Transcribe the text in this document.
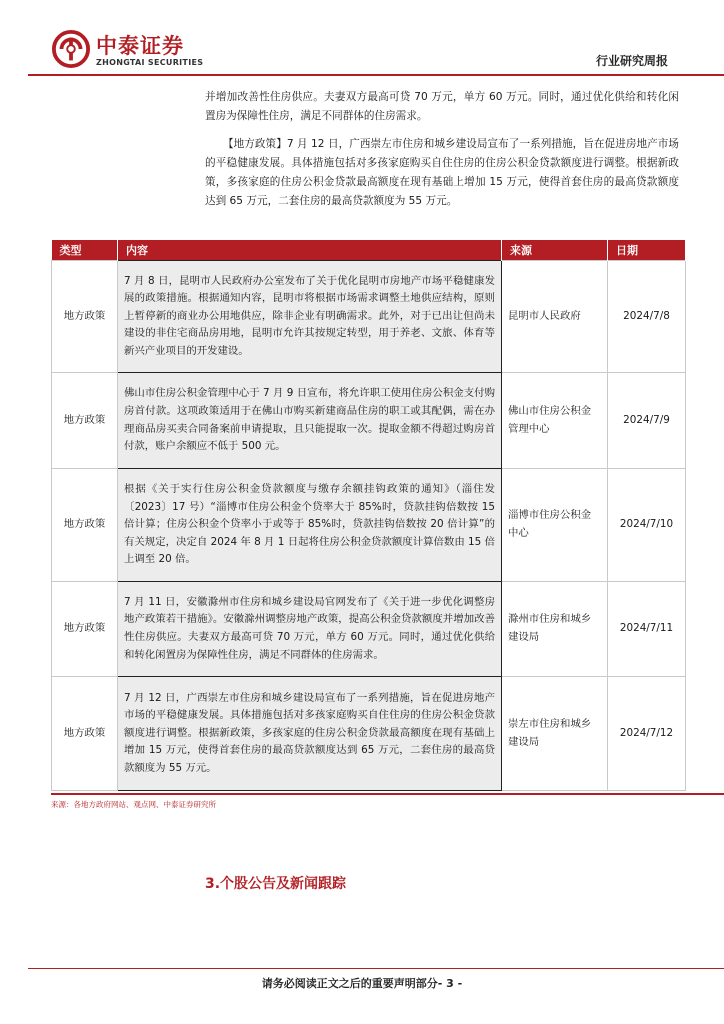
中泰证券
ZHONGTAI SECURITIES	行业研究周报
并增加改善性住房供应。夫妻双方最高可贷 70 万元，单方 60 万元。同时，通过优化供给和转化闲置房为保障性住房，满足不同群体的住房需求。
【地方政策】7 月 12 日，广西崇左市住房和城乡建设局宣布了一系列措施，旨在促进房地产市场的平稳健康发展。具体措施包括对多孩家庭购买自住住房的住房公积金贷款额度进行调整。根据新政策，多孩家庭的住房公积金贷款最高额度在现有基础上增加 15 万元，使得首套住房的最高贷款额度达到 65 万元，二套住房的最高贷款额度为 55 万元。
类型	内容	来源	日期
地方政策	7 月 8 日，昆明市人民政府办公室发布了关于优化昆明市房地产市场平稳健康发展的政策措施。根据通知内容，昆明市将根据市场需求调整土地供应结构，原则上暂停新的商业办公用地供应，除非企业有明确需求。此外，对于已出让但尚未建设的非住宅商品房用地，昆明市允许其按规定转型，用于养老、文旅、体育等新兴产业项目的开发建设。	昆明市人民政府	2024/7/8
地方政策	佛山市住房公积金管理中心于 7 月 9 日宣布，将允许职工使用住房公积金支付购房首付款。这项政策适用于在佛山市购买新建商品住房的职工或其配偶，需在办理商品房买卖合同备案前申请提取，且只能提取一次。提取金额不得超过购房首付款，账户余额应不低于 500 元。	佛山市住房公积金管理中心	2024/7/9
地方政策	根据《关于实行住房公积金贷款额度与缴存余额挂钩政策的通知》（淄住发〔2023〕17 号）“淄博市住房公积金个贷率大于 85%时，贷款挂钩倍数按 15 倍计算；住房公积金个贷率小于或等于 85%时，贷款挂钩倍数按 20 倍计算”的有关规定，决定自 2024 年 8 月 1 日起将住房公积金贷款额度计算倍数由 15 倍上调至 20 倍。	淄博市住房公积金中心	2024/7/10
地方政策	7 月 11 日，安徽滁州市住房和城乡建设局官网发布了《关于进一步优化调整房地产政策若干措施》。安徽滁州调整房地产政策，提高公积金贷款额度并增加改善性住房供应。夫妻双方最高可贷 70 万元，单方 60 万元。同时，通过优化供给和转化闲置房为保障性住房，满足不同群体的住房需求。	滁州市住房和城乡建设局	2024/7/11
地方政策	7 月 12 日，广西崇左市住房和城乡建设局宣布了一系列措施，旨在促进房地产市场的平稳健康发展。具体措施包括对多孩家庭购买自住住房的住房公积金贷款额度进行调整。根据新政策，多孩家庭的住房公积金贷款最高额度在现有基础上增加 15 万元，使得首套住房的最高贷款额度达到 65 万元，二套住房的最高贷款额度为 55 万元。	崇左市住房和城乡建设局	2024/7/12
来源：各地方政府网站、观点网、中泰证券研究所
3.个股公告及新闻跟踪
请务必阅读正文之后的重要声明部分- 3 -
